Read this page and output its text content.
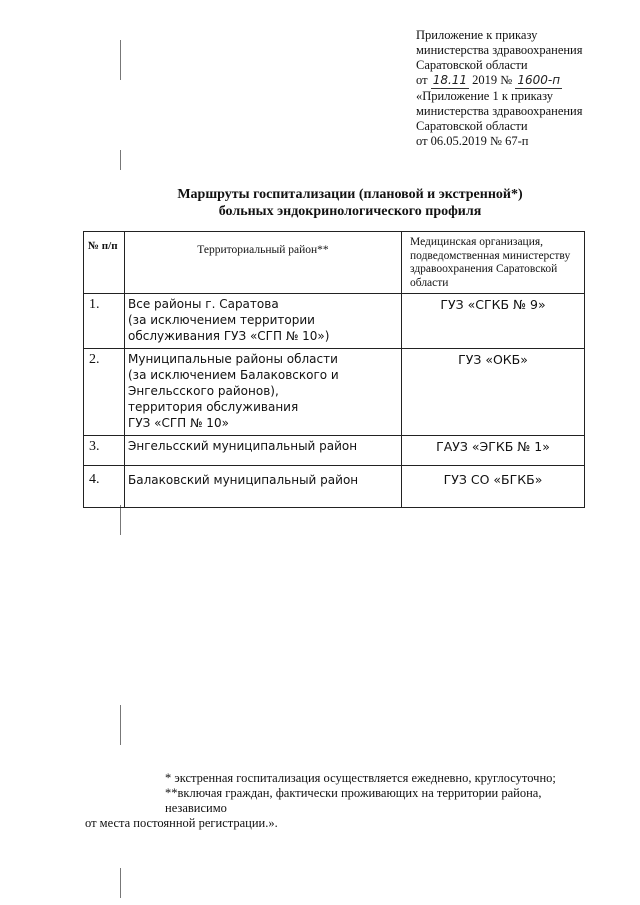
Приложение к приказу
министерства здравоохранения
Саратовской области
от 18.11 2019 № 1600-п
«Приложение 1 к приказу
министерства здравоохранения
Саратовской области
от 06.05.2019 № 67-п
Маршруты госпитализации (плановой и экстренной*)
больных эндокринологического профиля
№ п/п	Территориальный район**	Медицинская организация, подведомственная министерству здравоохранения Саратовской области
1.	Все районы г. Саратова
(за исключением территории
обслуживания ГУЗ «СГП № 10»)	ГУЗ «СГКБ № 9»
2.	Муниципальные районы области
(за исключением Балаковского и
Энгельсского районов),
территория обслуживания
ГУЗ «СГП № 10»	ГУЗ «ОКБ»
3.	Энгельсский муниципальный район	ГАУЗ «ЭГКБ № 1»
4.	Балаковский муниципальный район	ГУЗ СО «БГКБ»
* экстренная госпитализация осуществляется ежедневно, круглосуточно;
**включая граждан, фактически проживающих на территории района, независимо
от места постоянной регистрации.».
